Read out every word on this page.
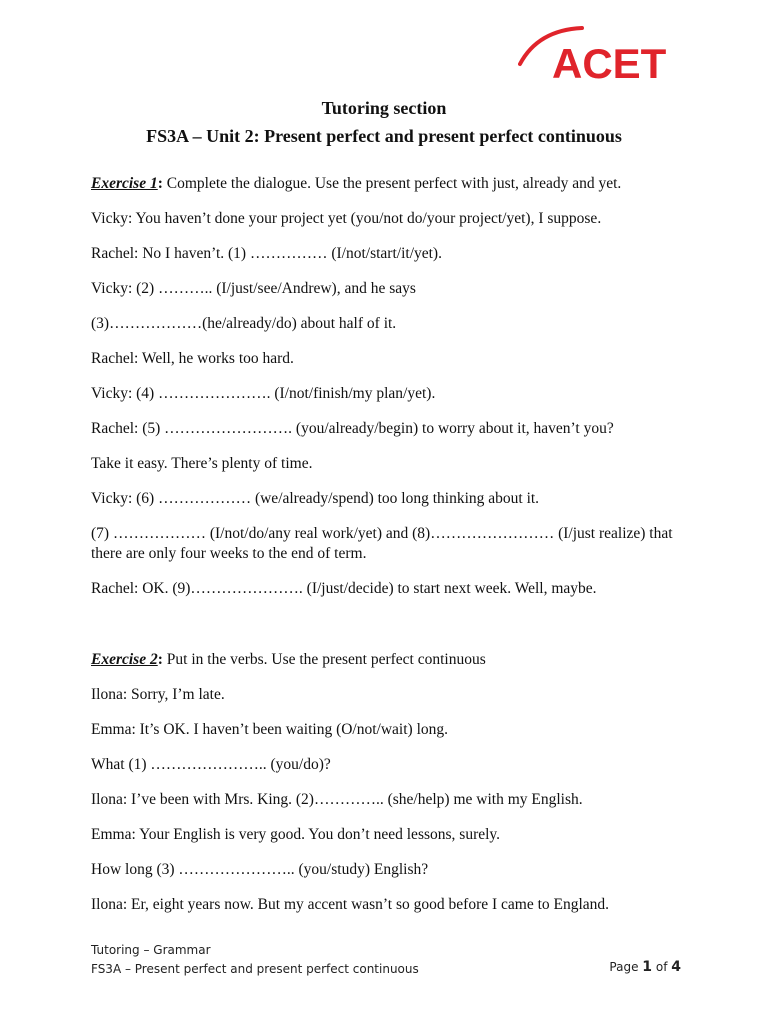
ACET
Tutoring section
FS3A – Unit 2: Present perfect and present perfect continuous
Exercise 1: Complete the dialogue. Use the present perfect with just, already and yet.
Vicky: You haven’t done your project yet (you/not do/your project/yet), I suppose.
Rachel: No I haven’t. (1) …………… (I/not/start/it/yet).
Vicky: (2) ……….. (I/just/see/Andrew), and he says
(3)………………(he/already/do) about half of it.
Rachel: Well, he works too hard.
Vicky: (4) …………………. (I/not/finish/my plan/yet).
Rachel: (5) ……………………. (you/already/begin) to worry about it, haven’t you?
Take it easy. There’s plenty of time.
Vicky: (6) ……………… (we/already/spend) too long thinking about it.
(7) ……………… (I/not/do/any real work/yet) and (8)…………………… (I/just realize) that there are only four weeks to the end of term.
Rachel: OK. (9)…………………. (I/just/decide) to start next week. Well, maybe.
Exercise 2: Put in the verbs. Use the present perfect continuous
Ilona: Sorry, I’m late.
Emma: It’s OK. I haven’t been waiting (O/not/wait) long.
What (1) ………………….. (you/do)?
Ilona: I’ve been with Mrs. King. (2)………….. (she/help) me with my English.
Emma: Your English is very good. You don’t need lessons, surely.
How long (3) ………………….. (you/study) English?
Ilona: Er, eight years now. But my accent wasn’t so good before I came to England.
Tutoring – Grammar
FS3A – Present perfect and present perfect continuous	Page 1 of 4
